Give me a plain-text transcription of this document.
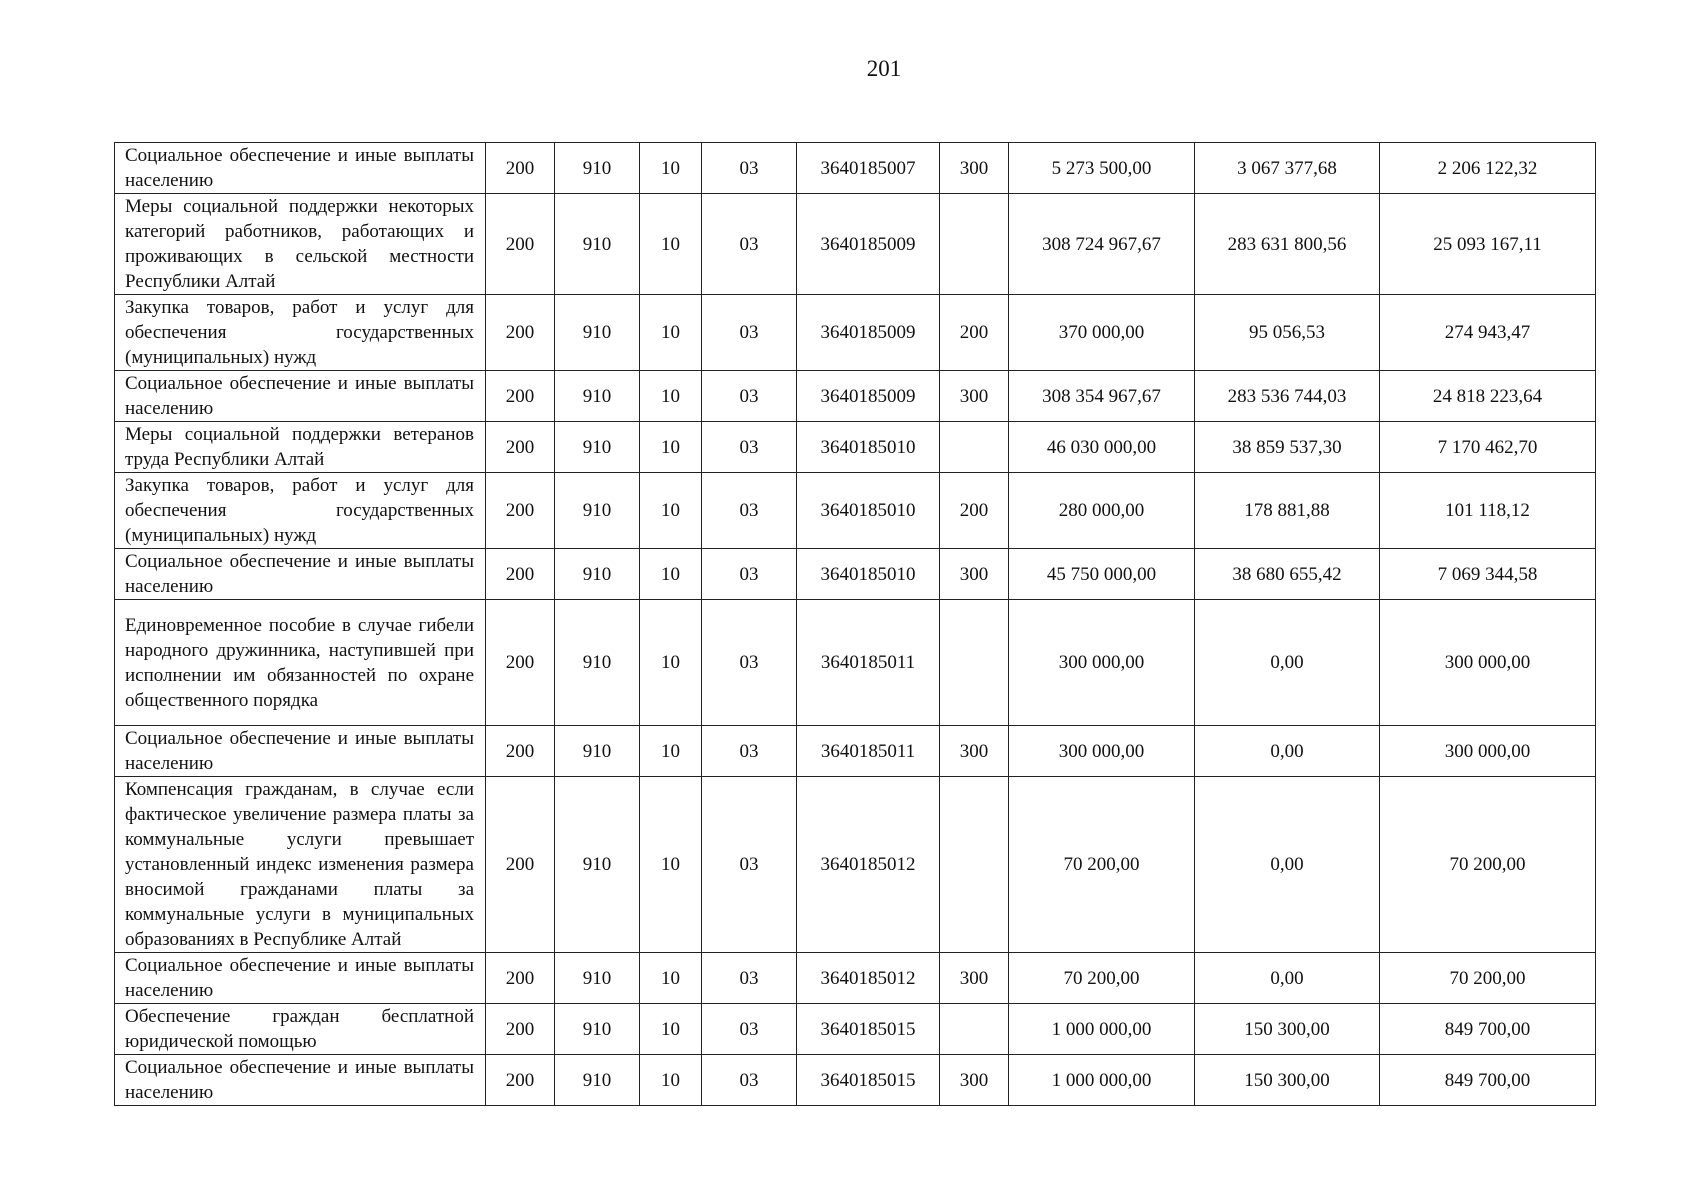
201
Социальное обеспечение и иные выплаты населению	200	910	10	03	3640185007	300	5 273 500,00	3 067 377,68	2 206 122,32
Меры социальной поддержки некоторых категорий работников, работающих и проживающих в сельской местности Республики Алтай	200	910	10	03	3640185009		308 724 967,67	283 631 800,56	25 093 167,11
Закупка товаров, работ и услуг для обеспечения государственных (муниципальных) нужд	200	910	10	03	3640185009	200	370 000,00	95 056,53	274 943,47
Социальное обеспечение и иные выплаты населению	200	910	10	03	3640185009	300	308 354 967,67	283 536 744,03	24 818 223,64
Меры социальной поддержки ветеранов труда Республики Алтай	200	910	10	03	3640185010		46 030 000,00	38 859 537,30	7 170 462,70
Закупка товаров, работ и услуг для обеспечения государственных (муниципальных) нужд	200	910	10	03	3640185010	200	280 000,00	178 881,88	101 118,12
Социальное обеспечение и иные выплаты населению	200	910	10	03	3640185010	300	45 750 000,00	38 680 655,42	7 069 344,58
Единовременное пособие в случае гибели народного дружинника, наступившей при исполнении им обязанностей по охране общественного порядка	200	910	10	03	3640185011		300 000,00	0,00	300 000,00
Социальное обеспечение и иные выплаты населению	200	910	10	03	3640185011	300	300 000,00	0,00	300 000,00
Компенсация гражданам, в случае если фактическое увеличение размера платы за коммунальные услуги превышает установленный индекс изменения размера вносимой гражданами платы за коммунальные услуги в муниципальных образованиях в Республике Алтай	200	910	10	03	3640185012		70 200,00	0,00	70 200,00
Социальное обеспечение и иные выплаты населению	200	910	10	03	3640185012	300	70 200,00	0,00	70 200,00
Обеспечение граждан бесплатной юридической помощью	200	910	10	03	3640185015		1 000 000,00	150 300,00	849 700,00
Социальное обеспечение и иные выплаты населению	200	910	10	03	3640185015	300	1 000 000,00	150 300,00	849 700,00
